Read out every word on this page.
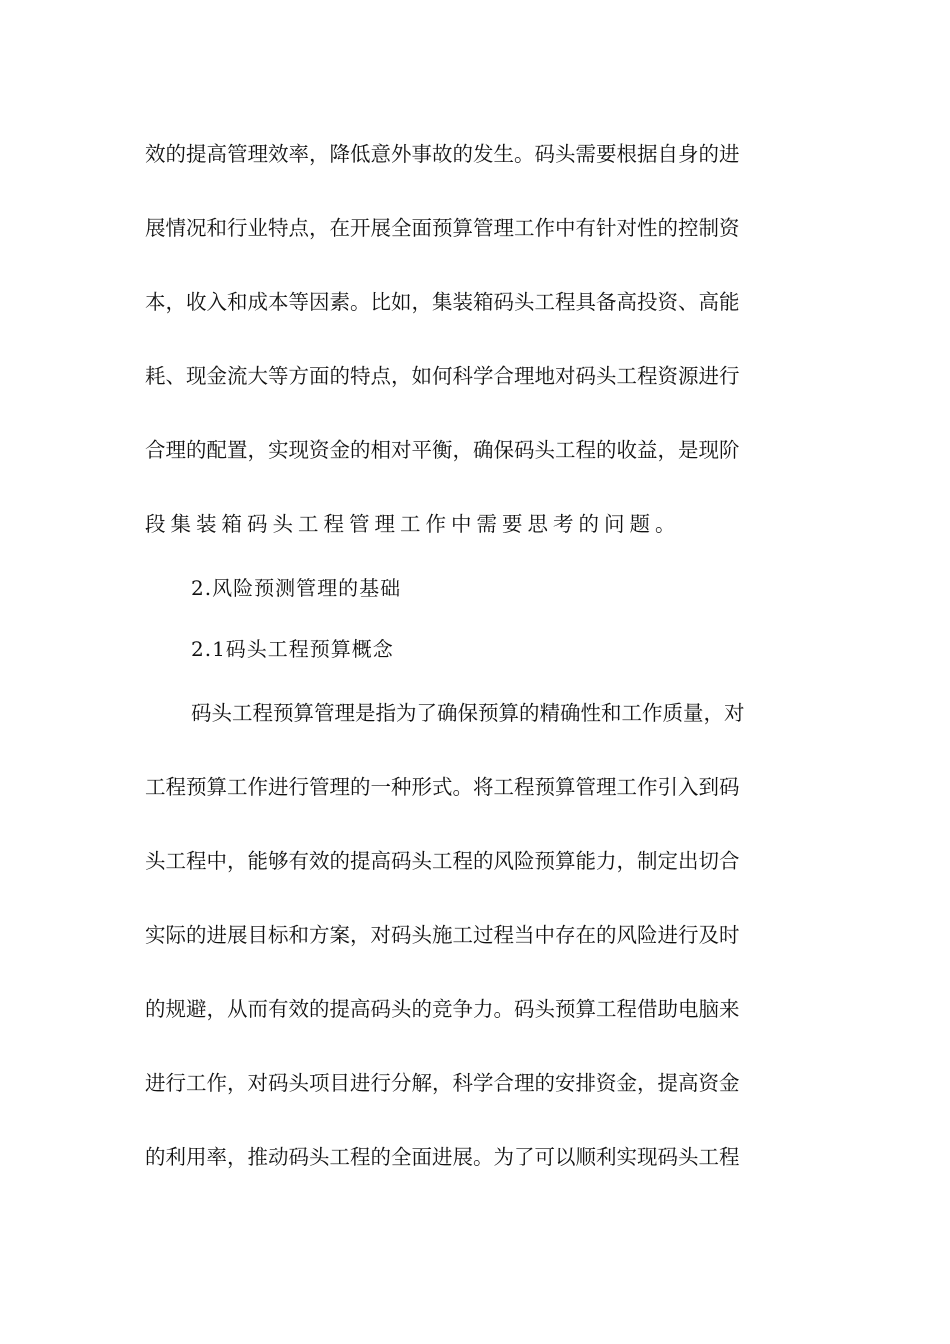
效的提高管理效率，降低意外事故的发生。码头需要根据自身的进
展情况和行业特点，在开展全面预算管理工作中有针对性的控制资
本，收入和成本等因素。比如，集装箱码头工程具备高投资、高能
耗、现金流大等方面的特点，如何科学合理地对码头工程资源进行
合理的配置，实现资金的相对平衡，确保码头工程的收益，是现阶
段集装箱码头工程管理工作中需要思考的问题。
2.风险预测管理的基础
2.1码头工程预算概念
码头工程预算管理是指为了确保预算的精确性和工作质量，对
工程预算工作进行管理的一种形式。将工程预算管理工作引入到码
头工程中，能够有效的提高码头工程的风险预算能力，制定出切合
实际的进展目标和方案，对码头施工过程当中存在的风险进行及时
的规避，从而有效的提高码头的竞争力。码头预算工程借助电脑来
进行工作，对码头项目进行分解，科学合理的安排资金，提高资金
的利用率，推动码头工程的全面进展。为了可以顺利实现码头工程
